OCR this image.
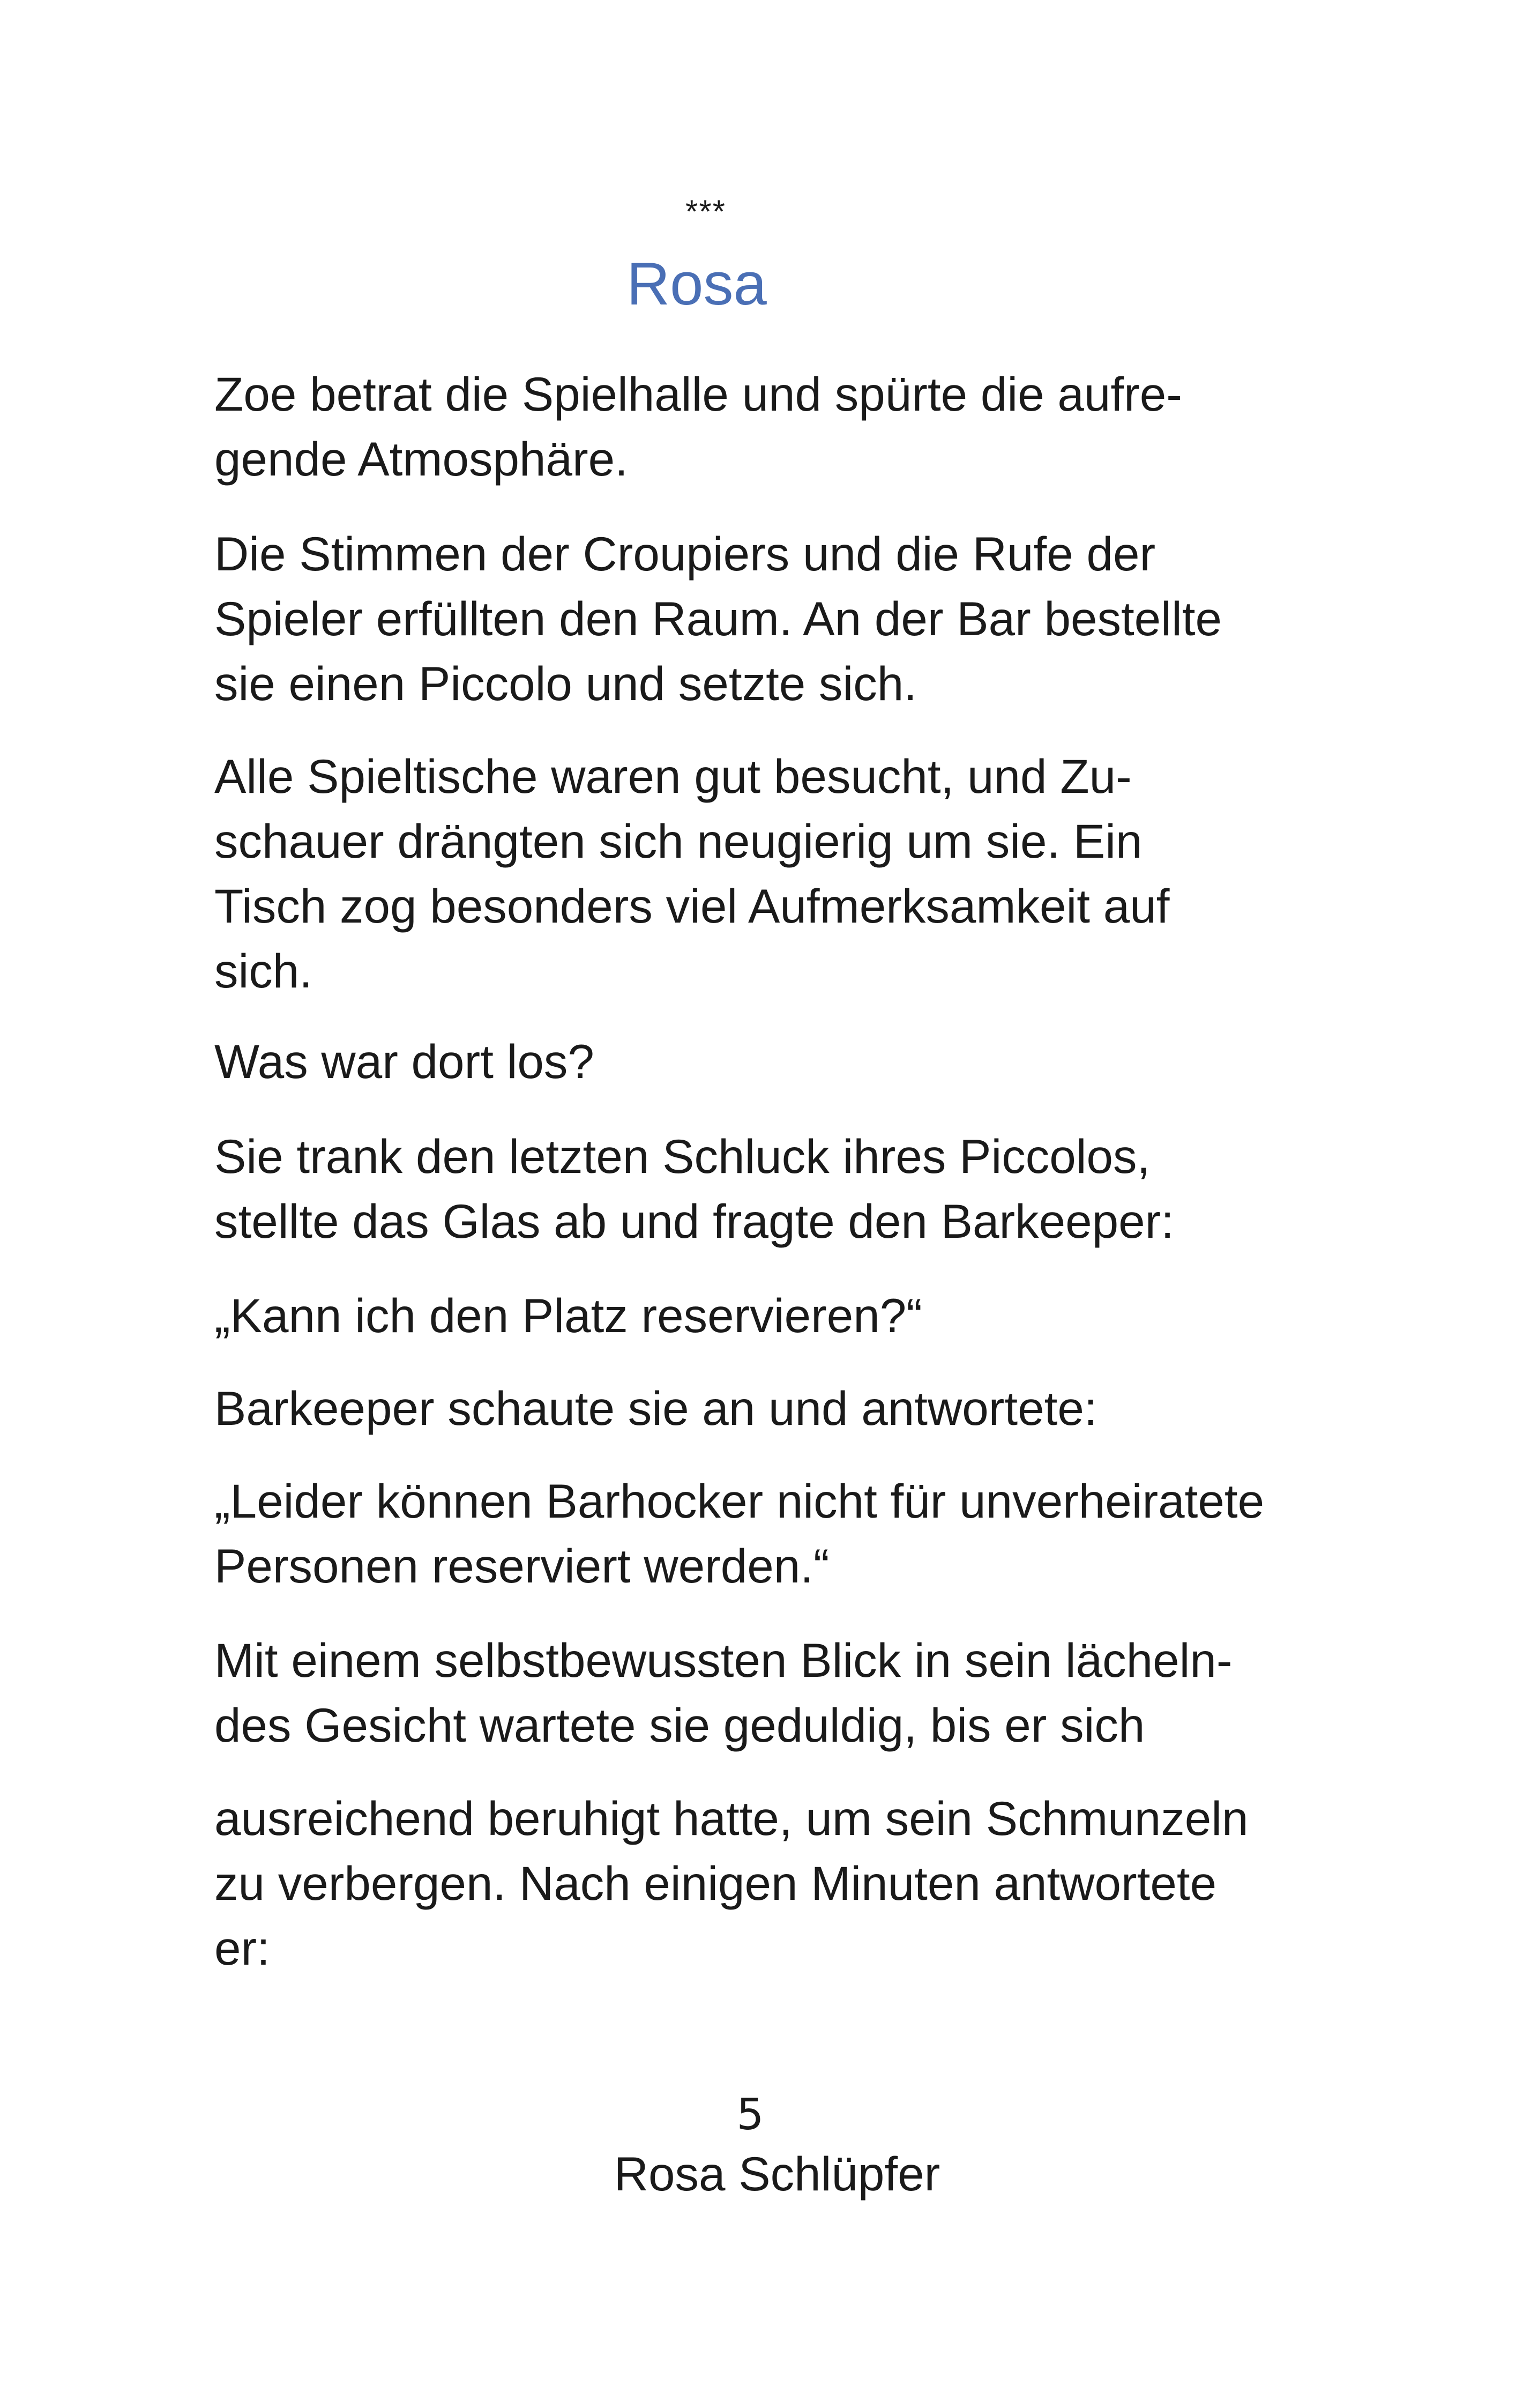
***
Rosa

Zoe betrat die Spielhalle und spürte die aufre-
gende Atmosphäre.

Die Stimmen der Croupiers und die Rufe der
Spieler erfüllten den Raum. An der Bar bestellte
sie einen Piccolo und setzte sich.

Alle Spieltische waren gut besucht, und Zu-
schauer drängten sich neugierig um sie. Ein
Tisch zog besonders viel Aufmerksamkeit auf
sich.

Was war dort los?

Sie trank den letzten Schluck ihres Piccolos,
stellte das Glas ab und fragte den Barkeeper:

„Kann ich den Platz reservieren?“

Barkeeper schaute sie an und antwortete:

„Leider können Barhocker nicht für unverheiratete
Personen reserviert werden.“

Mit einem selbstbewussten Blick in sein lächeln-
des Gesicht wartete sie geduldig, bis er sich

ausreichend beruhigt hatte, um sein Schmunzeln
zu verbergen. Nach einigen Minuten antwortete
er:

5
Rosa Schlüpfer
